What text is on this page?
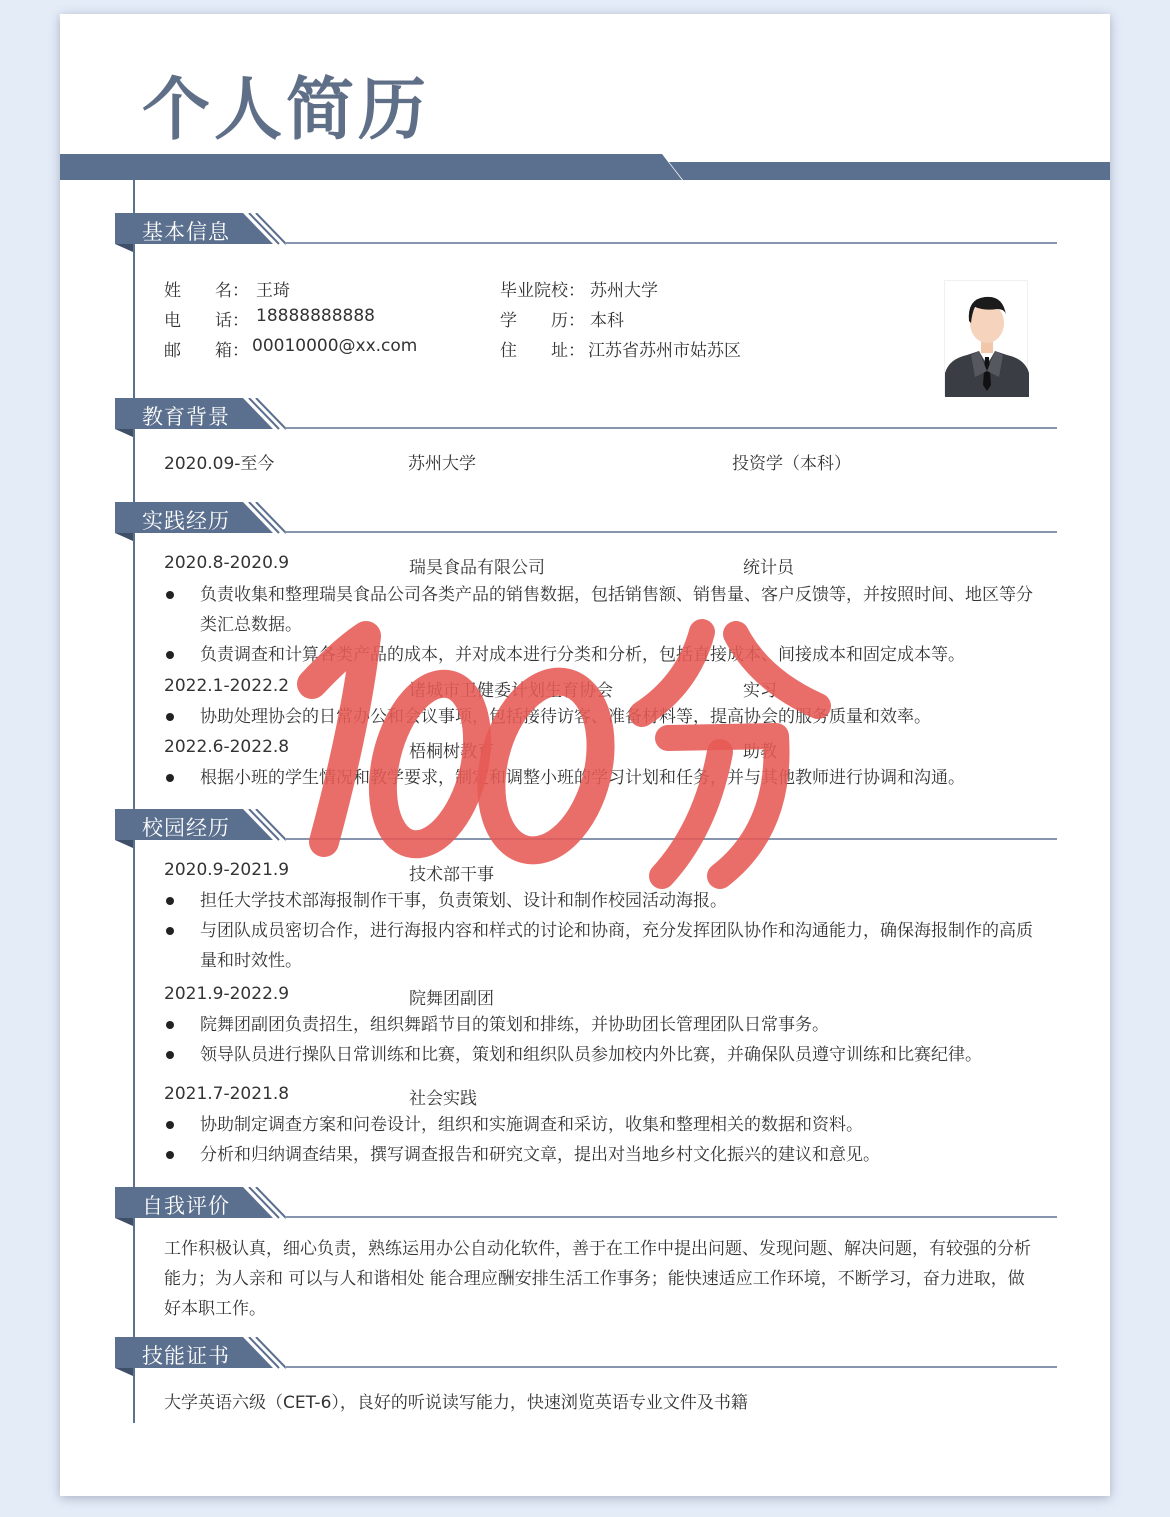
个人简历
基本信息
姓　　名： 王琦
电　　话： 18888888888
邮　　箱： 00010000@xx.com
毕业院校： 苏州大学
学　　历： 本科
住　　址： 江苏省苏州市姑苏区
教育背景
2020.09-至今	苏州大学	投资学（本科）
实践经历
2020.8-2020.9	瑞昊食品有限公司	统计员
负责收集和整理瑞昊食品公司各类产品的销售数据，包括销售额、销售量、客户反馈等，并按照时间、地区等分类汇总数据。
负责调查和计算各类产品的成本，并对成本进行分类和分析，包括直接成本、间接成本和固定成本等。
2022.1-2022.2	诸城市卫健委计划生育协会	实习
协助处理协会的日常办公和会议事项，包括接待访客、准备材料等，提高协会的服务质量和效率。
2022.6-2022.8	梧桐树教育	助教
根据小班的学生情况和教学要求，制定和调整小班的学习计划和任务，并与其他教师进行协调和沟通。
校园经历
2020.9-2021.9	技术部干事
担任大学技术部海报制作干事，负责策划、设计和制作校园活动海报。
与团队成员密切合作，进行海报内容和样式的讨论和协商，充分发挥团队协作和沟通能力，确保海报制作的高质量和时效性。
2021.9-2022.9	院舞团副团
院舞团副团负责招生，组织舞蹈节目的策划和排练，并协助团长管理团队日常事务。
领导队员进行操队日常训练和比赛，策划和组织队员参加校内外比赛，并确保队员遵守训练和比赛纪律。
2021.7-2021.8	社会实践
协助制定调查方案和问卷设计，组织和实施调查和采访，收集和整理相关的数据和资料。
分析和归纳调查结果，撰写调查报告和研究文章，提出对当地乡村文化振兴的建议和意见。
自我评价
工作积极认真，细心负责，熟练运用办公自动化软件，善于在工作中提出问题、发现问题、解决问题，有较强的分析能力；为人亲和 可以与人和谐相处 能合理应酬安排生活工作事务；能快速适应工作环境，不断学习，奋力进取，做好本职工作。
技能证书
大学英语六级（CET-6），良好的听说读写能力，快速浏览英语专业文件及书籍
